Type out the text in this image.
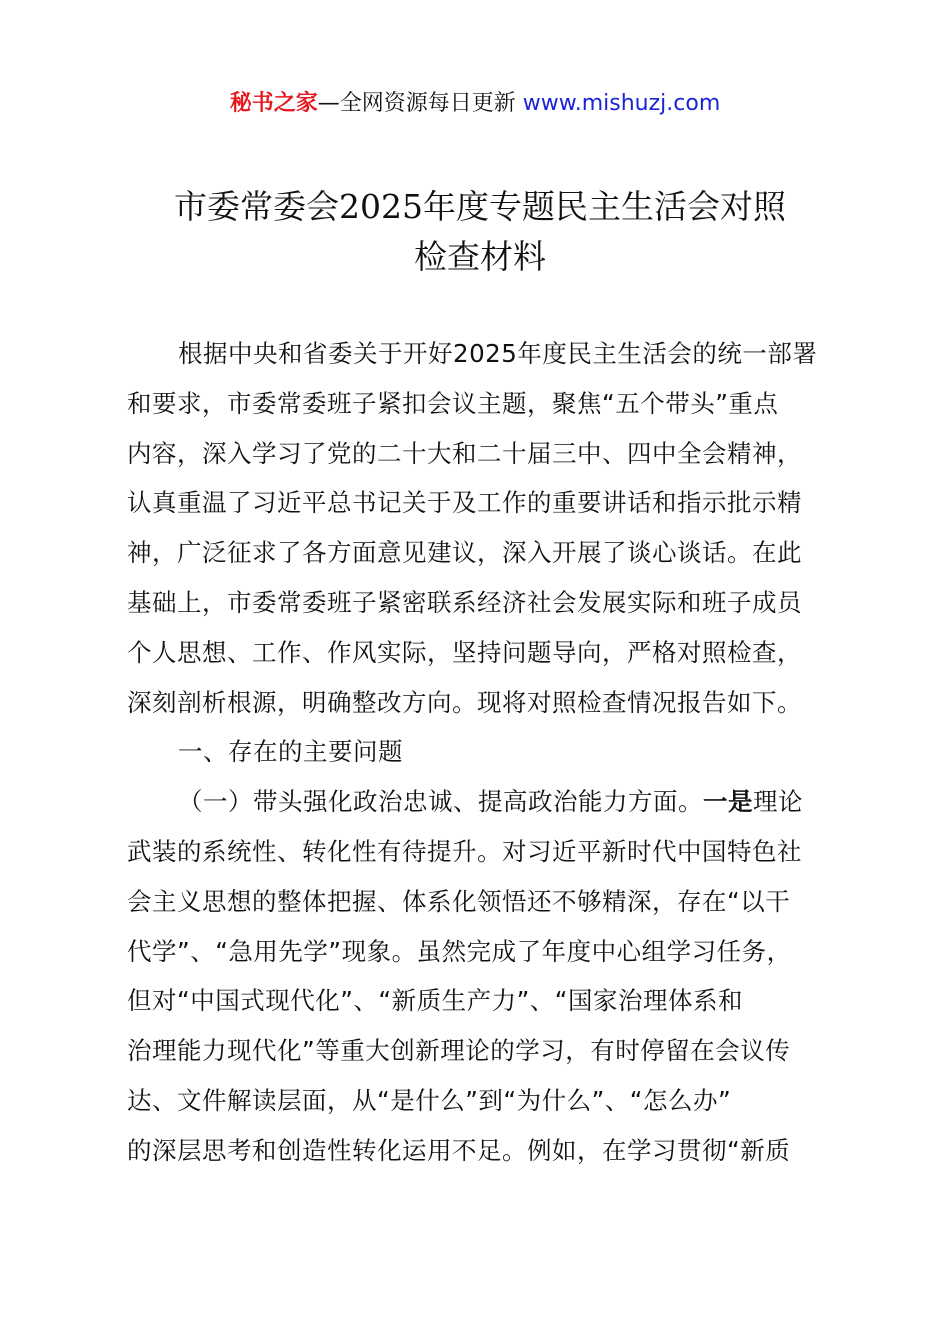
秘书之家—全网资源每日更新 www.mishuzj.com
市委常委会2025年度专题民主生活会对照
检查材料
根据中央和省委关于开好2025年度民主生活会的统一部署
和要求，市委常委班子紧扣会议主题，聚焦“五个带头”重点
内容，深入学习了党的二十大和二十届三中、四中全会精神，
认真重温了习近平总书记关于及工作的重要讲话和指示批示精
神，广泛征求了各方面意见建议，深入开展了谈心谈话。在此
基础上，市委常委班子紧密联系经济社会发展实际和班子成员
个人思想、工作、作风实际，坚持问题导向，严格对照检查，
深刻剖析根源，明确整改方向。现将对照检查情况报告如下。
一、存在的主要问题
（一）带头强化政治忠诚、提高政治能力方面。一是理论
武装的系统性、转化性有待提升。对习近平新时代中国特色社
会主义思想的整体把握、体系化领悟还不够精深，存在“以干
代学”、“急用先学”现象。虽然完成了年度中心组学习任务，
但对“中国式现代化”、“新质生产力”、“国家治理体系和
治理能力现代化”等重大创新理论的学习，有时停留在会议传
达、文件解读层面，从“是什么”到“为什么”、“怎么办”
的深层思考和创造性转化运用不足。例如，在学习贯彻“新质
